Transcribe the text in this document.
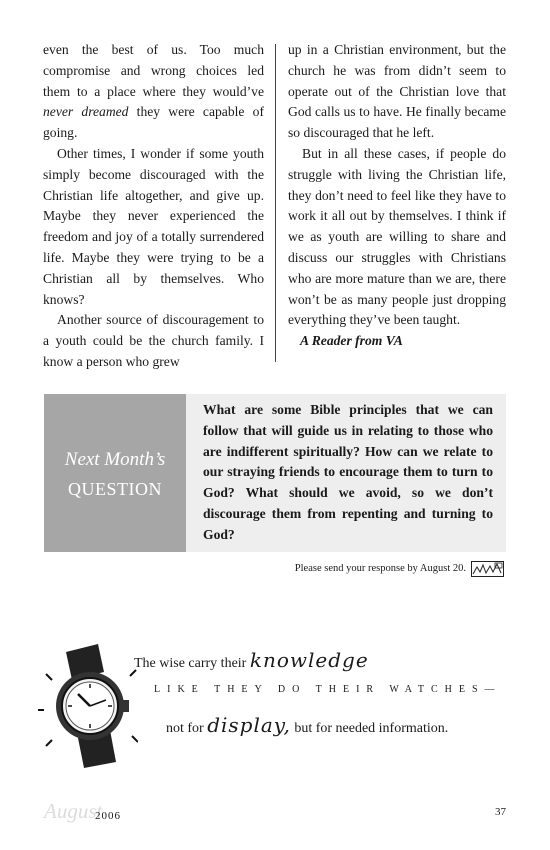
even the best of us. Too much compromise and wrong choices led them to a place where they would’ve never dreamed they were capable of going.

Other times, I wonder if some youth simply become discouraged with the Christian life altogether, and give up. Maybe they never experienced the freedom and joy of a totally surrendered life. Maybe they were trying to be a Christian all by themselves. Who knows?

Another source of discouragement to a youth could be the church family. I know a person who grew

up in a Christian environment, but the church he was from didn’t seem to operate out of the Christian love that God calls us to have. He finally became so discouraged that he left.

But in all these cases, if people do struggle with living the Christian life, they don’t need to feel like they have to work it all out by themselves. I think if we as youth are willing to share and discuss our struggles with Christians who are more mature than we are, there won’t be as many people just dropping everything they’ve been taught.

A Reader from VA

Next Month’s
QUESTION
What are some Bible principles that we can follow that will guide us in relating to those who are indifferent spiritually? How can we relate to our straying friends to encourage them to turn to God? What should we avoid, so we don’t discourage them from repenting and turning to God?
Please send your response by August 20.
The wise carry their knowledge
LIKE THEY DO THEIR WATCHES—
not for display, but for needed information.
August
2006	37
